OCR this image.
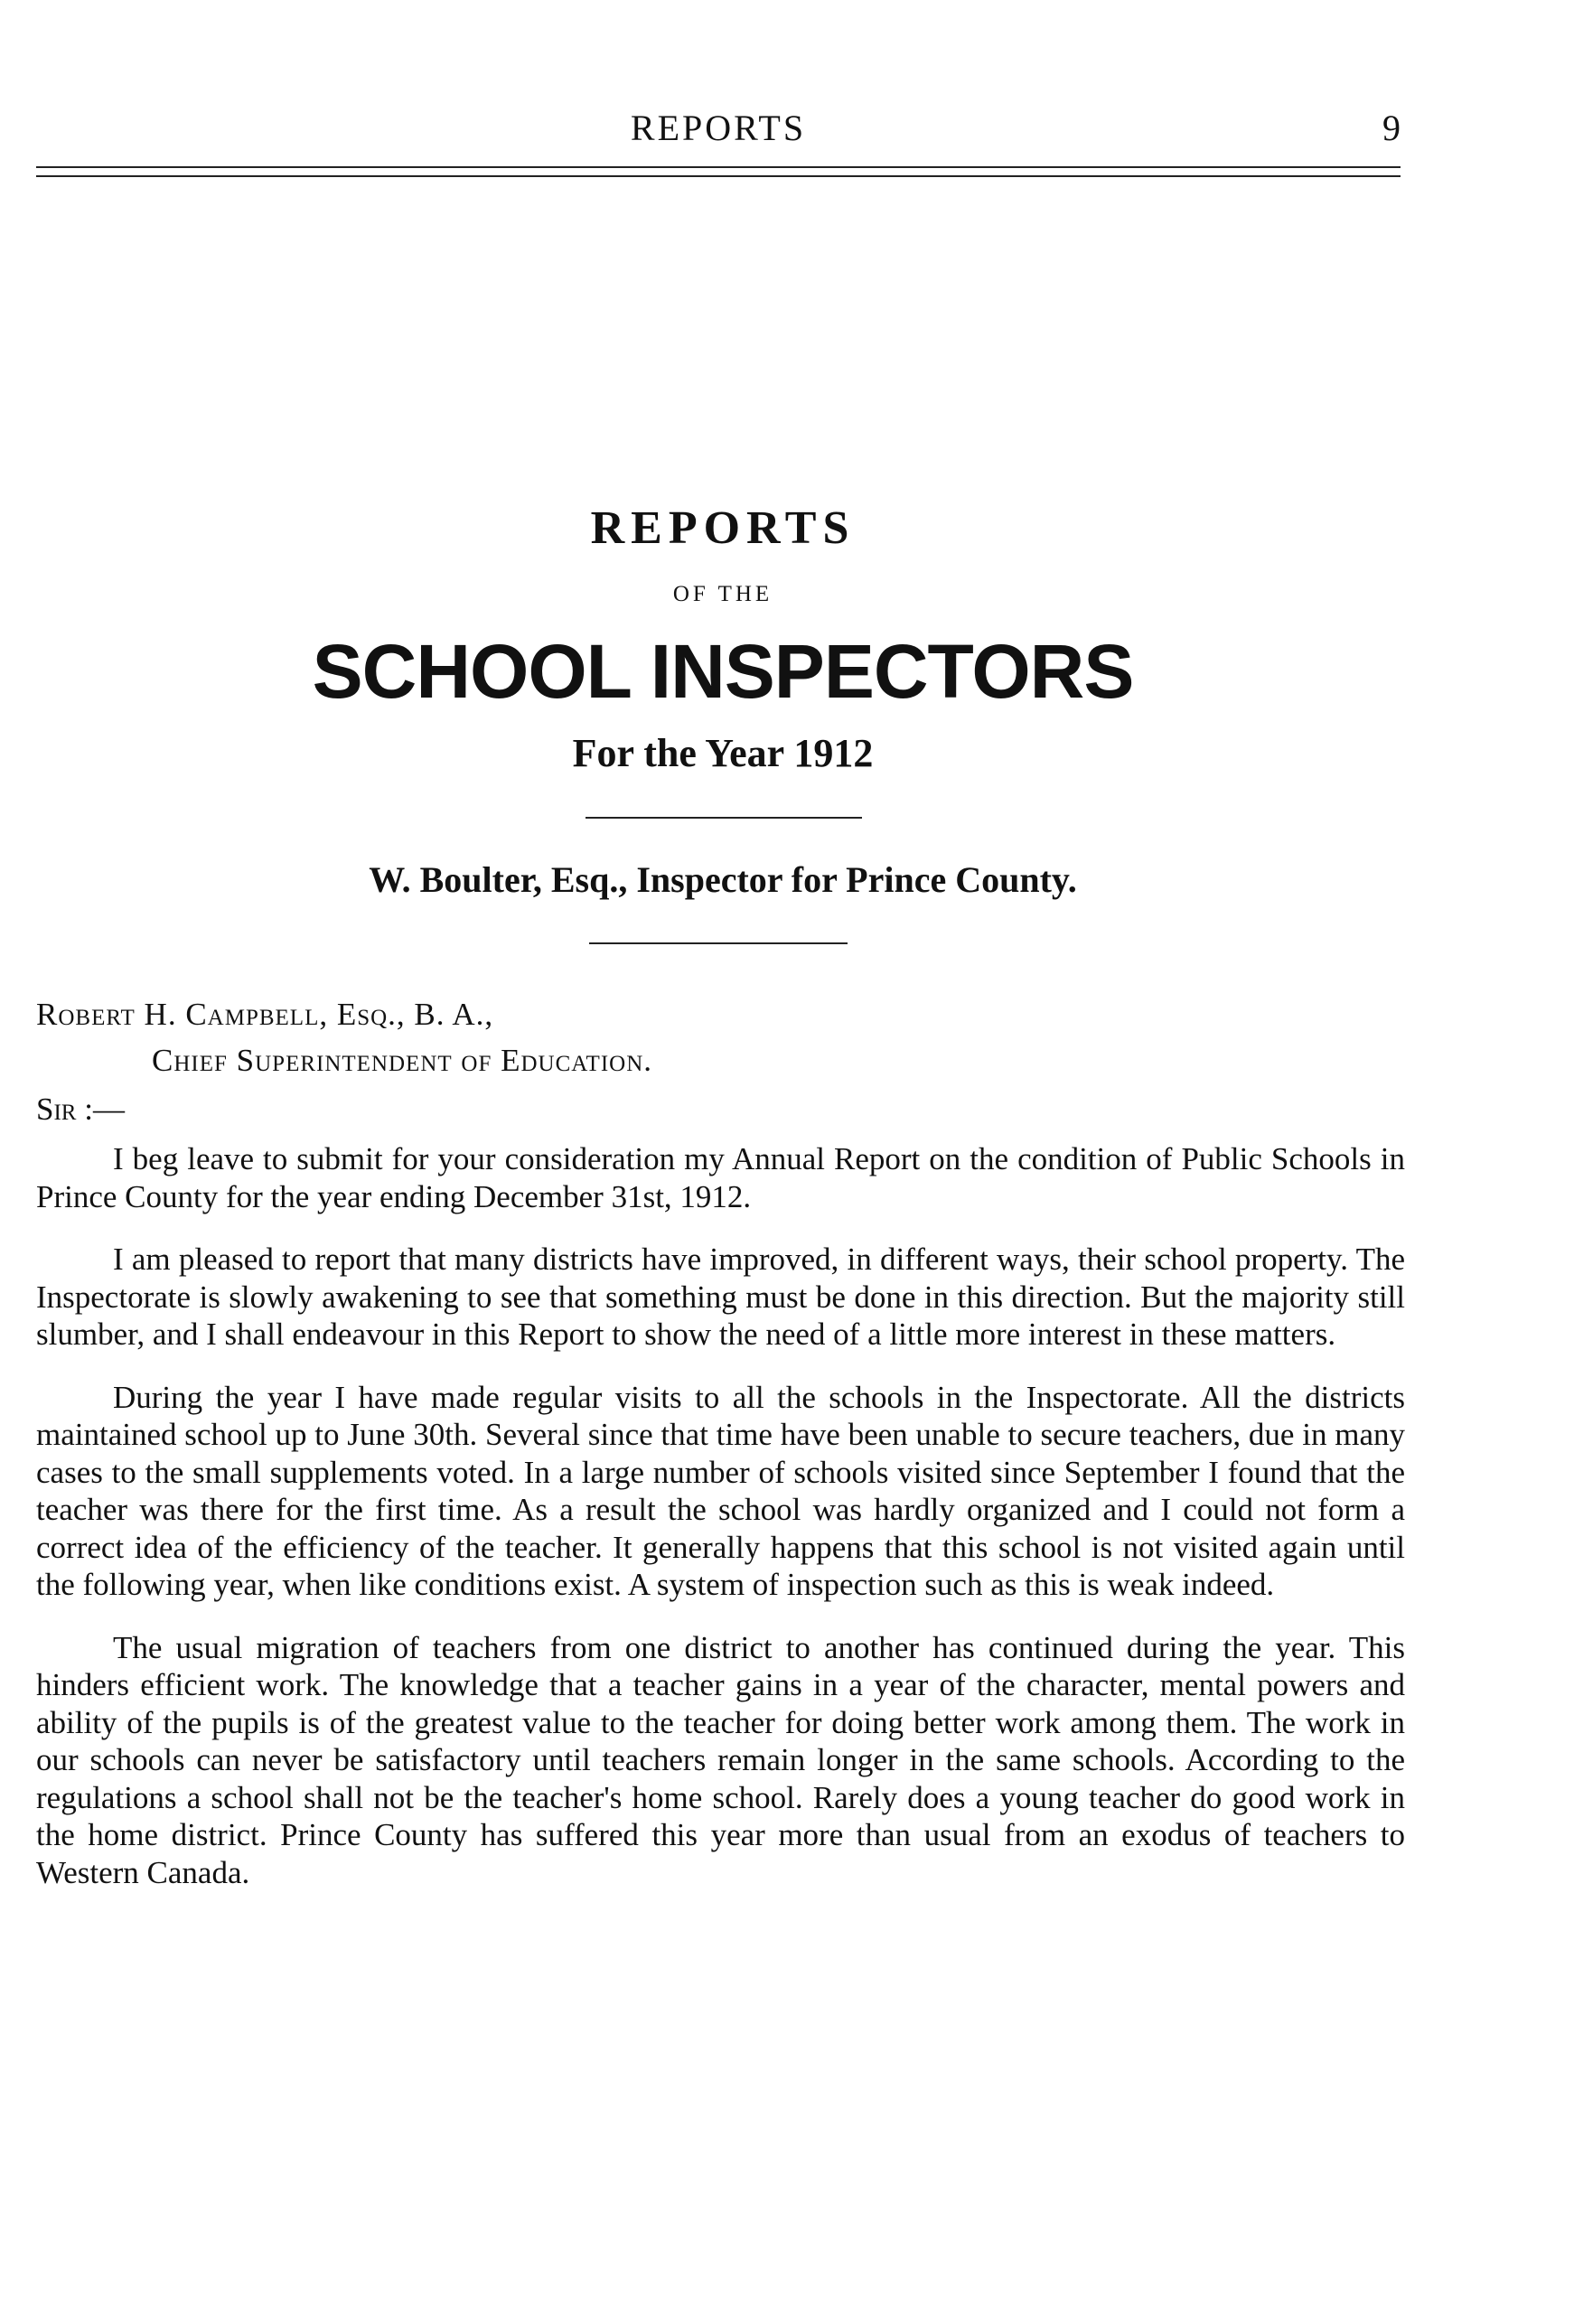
REPORTS	9
REPORTS
OF THE
SCHOOL INSPECTORS
For the Year 1912
W. Boulter, Esq., Inspector for Prince County.
Robert H. Campbell, Esq., B. A.,
Chief Superintendent of Education.
Sir :—

I beg leave to submit for your consideration my Annual Report on the condition of Public Schools in Prince County for the year ending December 31st, 1912.

I am pleased to report that many districts have improved, in different ways, their school property. The Inspectorate is slowly awakening to see that something must be done in this direction. But the majority still slumber, and I shall endeavour in this Report to show the need of a little more interest in these matters.

During the year I have made regular visits to all the schools in the Inspectorate. All the districts maintained school up to June 30th. Several since that time have been unable to secure teachers, due in many cases to the small supplements voted. In a large number of schools visited since September I found that the teacher was there for the first time. As a result the school was hardly organized and I could not form a correct idea of the efficiency of the teacher. It generally happens that this school is not visited again until the following year, when like conditions exist. A system of inspection such as this is weak indeed.

The usual migration of teachers from one district to another has continued during the year. This hinders efficient work. The knowledge that a teacher gains in a year of the character, mental powers and ability of the pupils is of the greatest value to the teacher for doing better work among them. The work in our schools can never be satisfactory until teachers remain longer in the same schools. According to the regulations a school shall not be the teacher's home school. Rarely does a young teacher do good work in the home district. Prince County has suffered this year more than usual from an exodus of teachers to Western Canada.
